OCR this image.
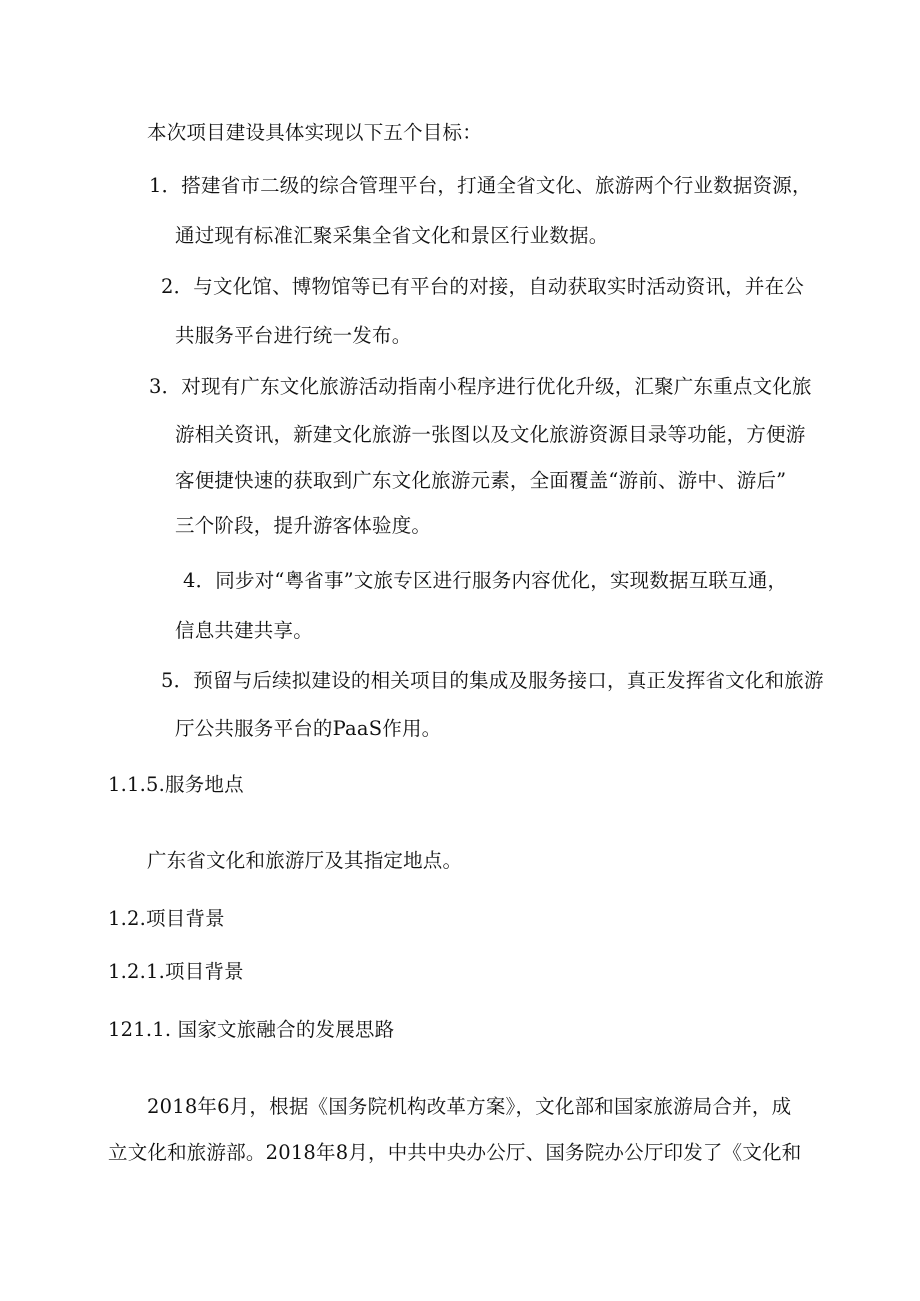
本次项目建设具体实现以下五个目标：
1．搭建省市二级的综合管理平台，打通全省文化、旅游两个行业数据资源，
通过现有标准汇聚采集全省文化和景区行业数据。
2．与文化馆、博物馆等已有平台的对接，自动获取实时活动资讯，并在公
共服务平台进行统一发布。
3．对现有广东文化旅游活动指南小程序进行优化升级，汇聚广东重点文化旅
游相关资讯，新建文化旅游一张图以及文化旅游资源目录等功能，方便游
客便捷快速的获取到广东文化旅游元素，全面覆盖“游前、游中、游后”
三个阶段，提升游客体验度。
4．同步对“粤省事”文旅专区进行服务内容优化，实现数据互联互通，
信息共建共享。
5．预留与后续拟建设的相关项目的集成及服务接口，真正发挥省文化和旅游
厅公共服务平台的PaaS作用。
1.1.5.服务地点
广东省文化和旅游厅及其指定地点。
1.2.项目背景
1.2.1.项目背景
121.1. 国家文旅融合的发展思路
2018年6月，根据《国务院机构改革方案》，文化部和国家旅游局合并，成
立文化和旅游部。2018年8月，中共中央办公厅、国务院办公厅印发了《文化和
